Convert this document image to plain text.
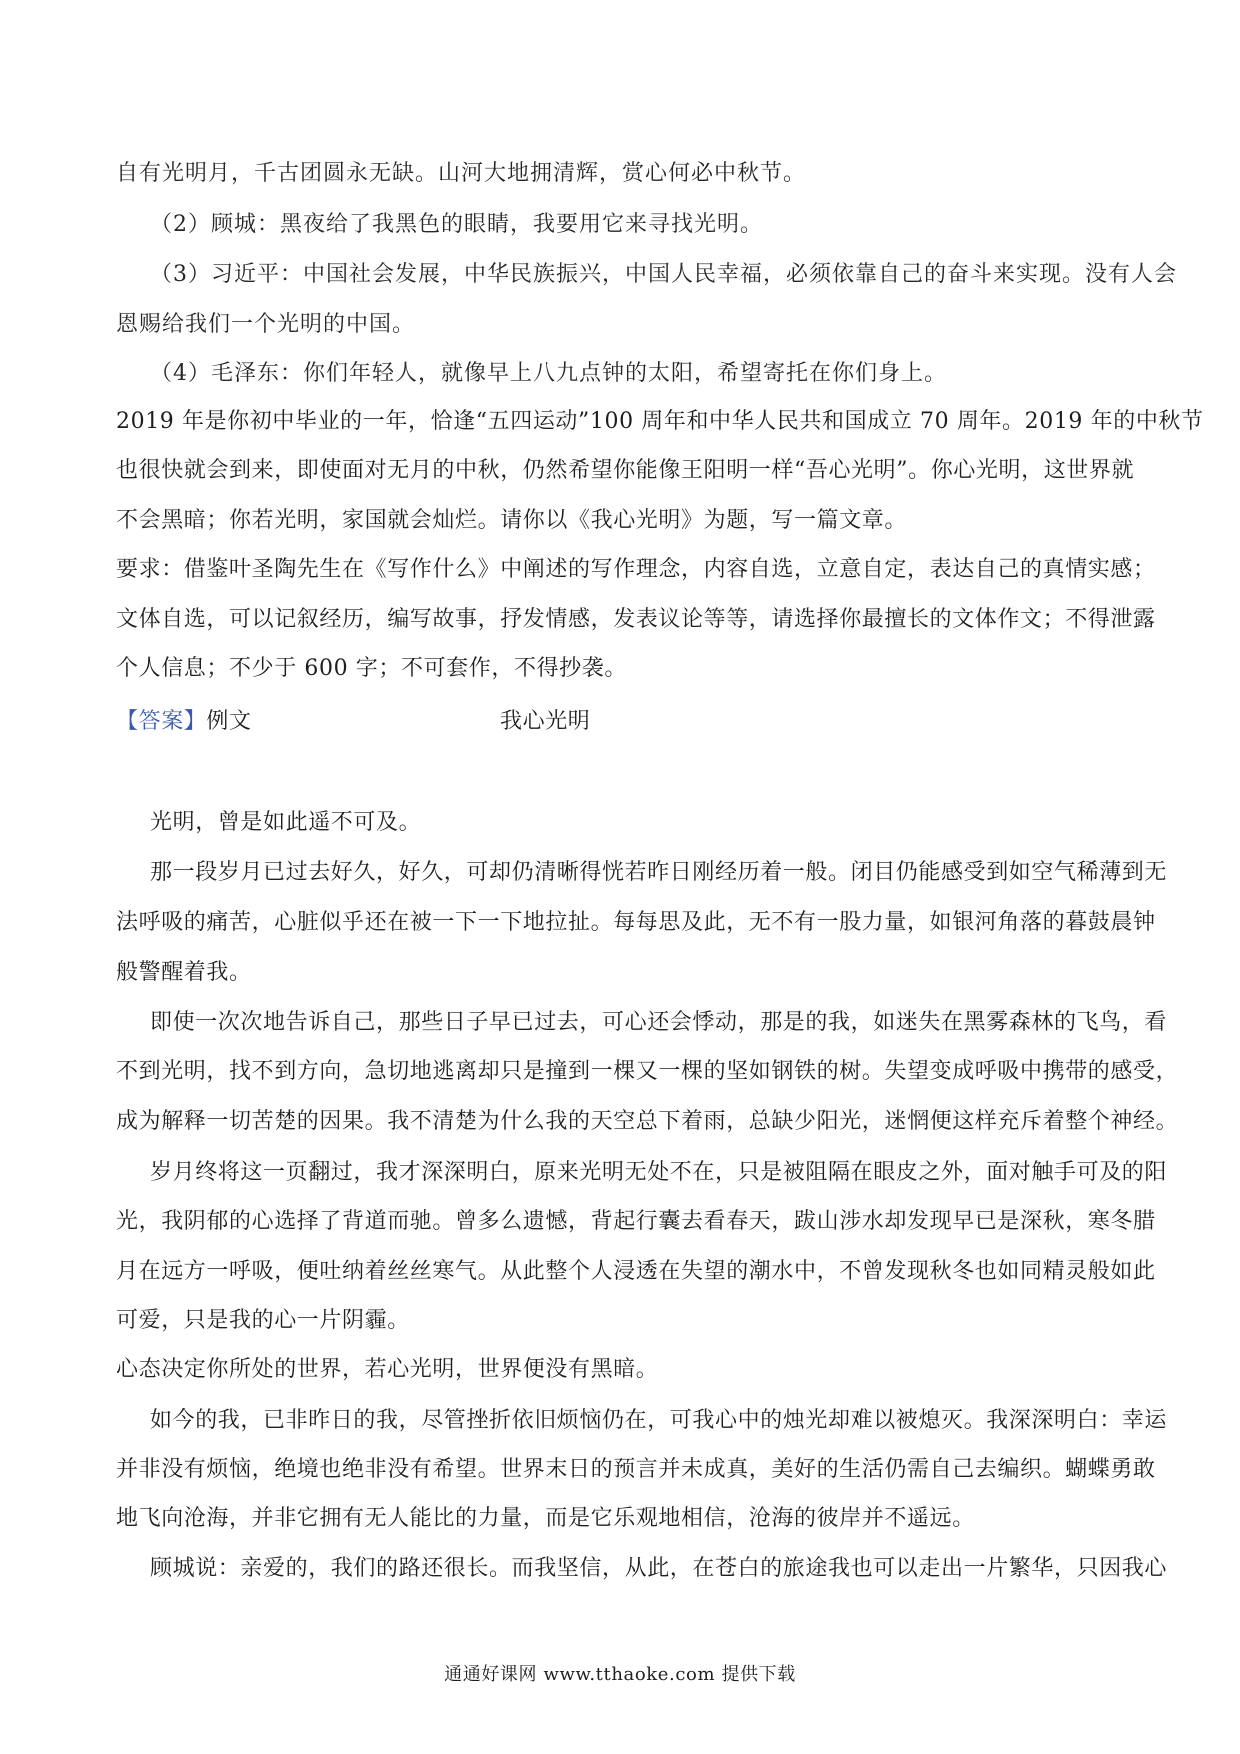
自有光明月，千古团圆永无缺。山河大地拥清辉，赏心何必中秋节。
（2）顾城：黑夜给了我黑色的眼睛，我要用它来寻找光明。
（3）习近平：中国社会发展，中华民族振兴，中国人民幸福，必须依靠自己的奋斗来实现。没有人会
恩赐给我们一个光明的中国。
（4）毛泽东：你们年轻人，就像早上八九点钟的太阳，希望寄托在你们身上。
2019 年是你初中毕业的一年，恰逢“五四运动”100 周年和中华人民共和国成立 70 周年。2019 年的中秋节
也很快就会到来，即使面对无月的中秋，仍然希望你能像王阳明一样“吾心光明”。你心光明，这世界就
不会黑暗；你若光明，家国就会灿烂。请你以《我心光明》为题，写一篇文章。
要求：借鉴叶圣陶先生在《写作什么》中阐述的写作理念，内容自选，立意自定，表达自己的真情实感；
文体自选，可以记叙经历，编写故事，抒发情感，发表议论等等，请选择你最擅长的文体作文；不得泄露
个人信息；不少于 600 字；不可套作，不得抄袭。
【答案】例文	我心光明
光明，曾是如此遥不可及。
那一段岁月已过去好久，好久，可却仍清晰得恍若昨日刚经历着一般。闭目仍能感受到如空气稀薄到无
法呼吸的痛苦，心脏似乎还在被一下一下地拉扯。每每思及此，无不有一股力量，如银河角落的暮鼓晨钟
般警醒着我。
即使一次次地告诉自己，那些日子早已过去，可心还会悸动，那是的我，如迷失在黑雾森林的飞鸟，看
不到光明，找不到方向，急切地逃离却只是撞到一棵又一棵的坚如钢铁的树。失望变成呼吸中携带的感受，
成为解释一切苦楚的因果。我不清楚为什么我的天空总下着雨，总缺少阳光，迷惘便这样充斥着整个神经。
岁月终将这一页翻过，我才深深明白，原来光明无处不在，只是被阻隔在眼皮之外，面对触手可及的阳
光，我阴郁的心选择了背道而驰。曾多么遗憾，背起行囊去看春天，跋山涉水却发现早已是深秋，寒冬腊
月在远方一呼吸，便吐纳着丝丝寒气。从此整个人浸透在失望的潮水中，不曾发现秋冬也如同精灵般如此
可爱，只是我的心一片阴霾。
心态决定你所处的世界，若心光明，世界便没有黑暗。
如今的我，已非昨日的我，尽管挫折依旧烦恼仍在，可我心中的烛光却难以被熄灭。我深深明白：幸运
并非没有烦恼，绝境也绝非没有希望。世界末日的预言并未成真，美好的生活仍需自己去编织。蝴蝶勇敢
地飞向沧海，并非它拥有无人能比的力量，而是它乐观地相信，沧海的彼岸并不遥远。
顾城说：亲爱的，我们的路还很长。而我坚信，从此，在苍白的旅途我也可以走出一片繁华，只因我心
通通好课网 www.tthaoke.com 提供下载
